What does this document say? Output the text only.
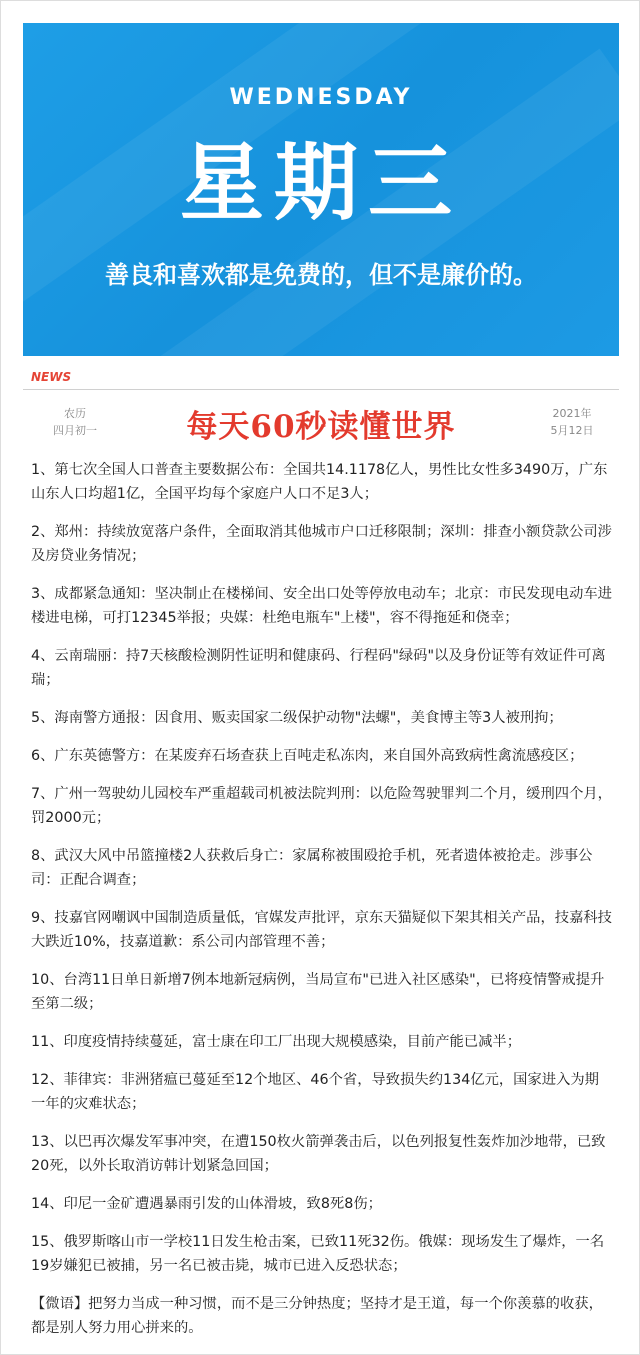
WEDNESDAY
星期三
善良和喜欢都是免费的，但不是廉价的。
NEWS
农历
四月初一	每天60秒读懂世界	2021年
5月12日

1、第七次全国人口普查主要数据公布：全国共14.1178亿人，男性比女性多3490万，广东山东人口均超1亿，全国平均每个家庭户人口不足3人；

2、郑州：持续放宽落户条件，全面取消其他城市户口迁移限制；深圳：排查小额贷款公司涉及房贷业务情况；

3、成都紧急通知：坚决制止在楼梯间、安全出口处等停放电动车；北京：市民发现电动车进楼进电梯，可打12345举报；央媒：杜绝电瓶车"上楼"，容不得拖延和侥幸；

4、云南瑞丽：持7天核酸检测阴性证明和健康码、行程码"绿码"以及身份证等有效证件可离瑞；

5、海南警方通报：因食用、贩卖国家二级保护动物"法螺"，美食博主等3人被刑拘；

6、广东英德警方：在某废弃石场查获上百吨走私冻肉，来自国外高致病性禽流感疫区；

7、广州一驾驶幼儿园校车严重超载司机被法院判刑：以危险驾驶罪判二个月，缓刑四个月，罚2000元；

8、武汉大风中吊篮撞楼2人获救后身亡：家属称被围殴抢手机，死者遗体被抢走。涉事公司：正配合调查；

9、技嘉官网嘲讽中国制造质量低，官媒发声批评，京东天猫疑似下架其相关产品，技嘉科技大跌近10%，技嘉道歉：系公司内部管理不善；

10、台湾11日单日新增7例本地新冠病例，当局宣布"已进入社区感染"，已将疫情警戒提升至第二级；

11、印度疫情持续蔓延，富士康在印工厂出现大规模感染，目前产能已减半；

12、菲律宾：非洲猪瘟已蔓延至12个地区、46个省，导致损失约134亿元，国家进入为期一年的灾难状态；

13、以巴再次爆发军事冲突，在遭150枚火箭弹袭击后，以色列报复性轰炸加沙地带，已致20死，以外长取消访韩计划紧急回国；

14、印尼一金矿遭遇暴雨引发的山体滑坡，致8死8伤；

15、俄罗斯喀山市一学校11日发生枪击案，已致11死32伤。俄媒：现场发生了爆炸，一名19岁嫌犯已被捕，另一名已被击毙，城市已进入反恐状态；

【微语】把努力当成一种习惯，而不是三分钟热度；坚持才是王道，每一个你羡慕的收获，都是别人努力用心拼来的。
